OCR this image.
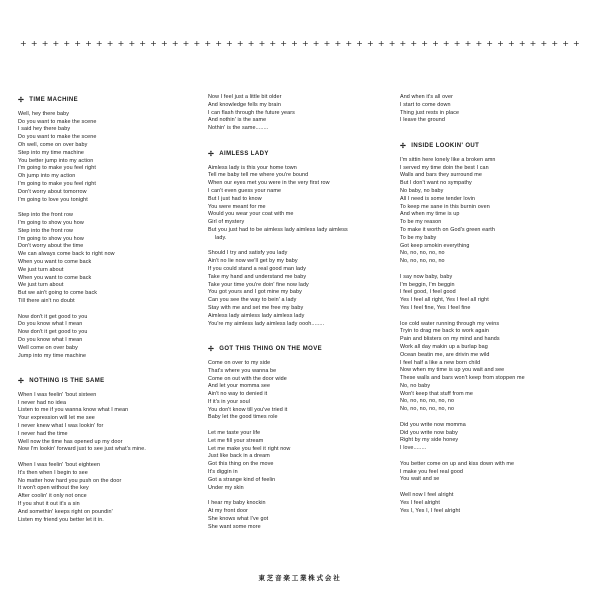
+ + + + + + + + + + + + + + + + + + + + + + + + + + + + + + + + + + + + + + + + + + + + + + + + + + + +
✢ TIME MACHINE
Well, hey there baby
Do you want to make the scene
I said hey there baby
Do you want to make the scene
Oh well, come on over baby
Step into my time machine
You better jump into my action
I'm going to make you feel right
Oh jump into my action
I'm going to make you feel right
Don't worry about tomorrow
I'm going to love you tonight
Step into the front row
I'm going to show you how
Step into the front row
I'm going to show you how
Don't worry about the time
We can always come back to right now
When you want to come back
We just turn about
When you want to come back
We just turn about
But we ain't going to come back
Till there ain't no doubt
Now don't it get good to you
Do you know what I mean
Now don't it get good to you
Do you know what I mean
Well come on over baby
Jump into my time machine
✢ NOTHING IS THE SAME
When I was feelin' 'bout sixteen
I never had no idea
Listen to me if you wanna know what I mean
Your expression will let me see
I never knew what I was lookin' for
I never had the time
Well now the time has opened up my door
Now I'm lookin' forward just to see just what's mine.
When I was feelin' 'bout eighteen
It's then when I begin to see
No matter how hard you push on the door
It won't open without the key
After coolin' it only not once
If you shut it out it's a sin
And somethin' keeps right on poundin'
Listen my friend you better let it in.
Now I feel just a little bit older
And knowledge fells my brain
I can flash through the future years
And nothin' is the same
Nothin' is the same........
✢ AIMLESS LADY
Aimless lady is this your home town
Tell me baby tell me where you're bound
When our eyes met you were in the very first row
I can't even guess your name
But I just had to know
You were meant for me
Would you wear your coat with me
Girl of mystery
But you just had to be aimless lady aimless lady aimless
lady.
Should I try and satisfy you lady
Ain't no lie now we'll get by my baby
If you could stand a real good man lady
Take my hand and understand me baby
Take your time you're doin' fine now lady
You got yours and I got mine my baby
Can you see the way to bein' a lady
Stay with me and set me free my baby
Aimless lady aimless lady aimless lady
You're my aimless lady aimless lady oooh........
✢ GOT THIS THING ON THE MOVE
Come on over to my side
That's where you wanna be
Come on out with the door wide
And let your momma see
Ain't no way to denied it
If it's in your soul
You don't know till you've tried it
Baby let the good times role
Let me taste your life
Let me fill your stream
Let me make you feel it right now
Just like back in a dream
Got this thing on the move
It's diggin in
Got a strange kind of feelin
Under my skin
I hear my baby knockin
At my front door
She knows what I've got
She want some more
And when it's all over
I start to come down
Thing just rests in place
I leave the ground
✢ INSIDE LOOKIN' OUT
I'm sittin here lonely like a broken amn
I served my time doin the best I can
Walls and bars they surround me
But I don't want no sympathy
No baby, no baby
All I need is some tender lovin
To keep me sane in this burnin oven
And when my time is up
To be my reason
To make it worth on God's green earth
To be my baby
Got keep smokin everything
No, no, no, no, no
No, no, no, no, no
I say now baby, baby
I'm beggin, I'm beggin
I feel good, I feel good
Yes I feel all right, Yes I feel all right
Yes I feel fine, Yes I feel fine
Ice cold water running through my veins
Tryin to drag me back to work again
Pain and blisters on my mind and hands
Work all day makin up a burlap bag
Ocean beatin me, are drivin me wild
I feel half a like a new born child
Now when my time is up you wait and see
These walls and bars won't keep from stoppen me
No, no baby
Won't keep that stuff from me
No, no, no, no, no, no
No, no, no, no, no, no
Did you write now momma
Did you write now baby
Right by my side honey
I love........
You better come on up and kiss down with me
I make you feel real good
You wait and se
Well now I feel alright
Yes I feel alright
Yes I, Yes I, I feel alright
東芝音楽工業株式会社
